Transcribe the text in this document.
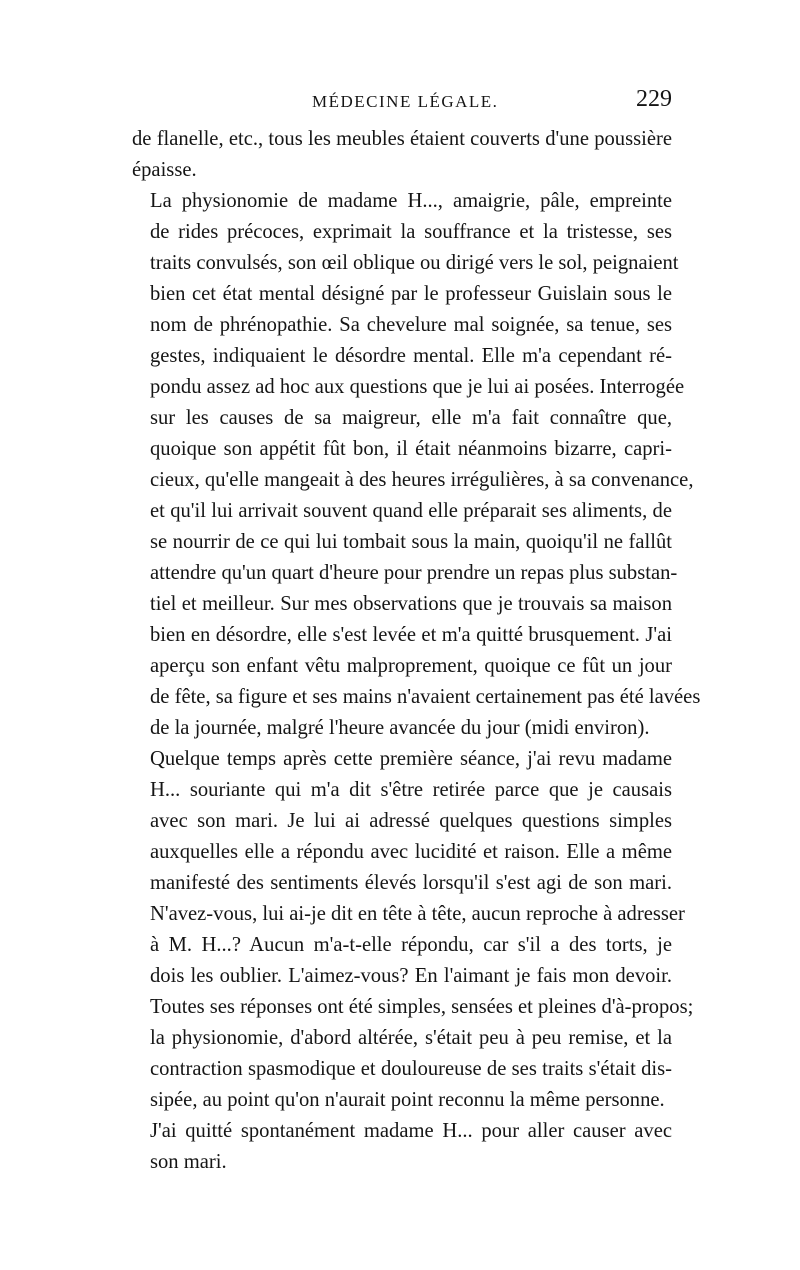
MÉDECINE LÉGALE.	229

de flanelle, etc., tous les meubles étaient couverts d'une poussière
épaisse.

La physionomie de madame H..., amaigrie, pâle, empreinte
de rides précoces, exprimait la souffrance et la tristesse, ses
traits convulsés, son œil oblique ou dirigé vers le sol, peignaient
bien cet état mental désigné par le professeur Guislain sous le
nom de phrénopathie. Sa chevelure mal soignée, sa tenue, ses
gestes, indiquaient le désordre mental. Elle m'a cependant ré-
pondu assez ad hoc aux questions que je lui ai posées. Interrogée
sur les causes de sa maigreur, elle m'a fait connaître que,
quoique son appétit fût bon, il était néanmoins bizarre, capri-
cieux, qu'elle mangeait à des heures irrégulières, à sa convenance,
et qu'il lui arrivait souvent quand elle préparait ses aliments, de
se nourrir de ce qui lui tombait sous la main, quoiqu'il ne fallût
attendre qu'un quart d'heure pour prendre un repas plus substan-
tiel et meilleur. Sur mes observations que je trouvais sa maison
bien en désordre, elle s'est levée et m'a quitté brusquement. J'ai
aperçu son enfant vêtu malproprement, quoique ce fût un jour
de fête, sa figure et ses mains n'avaient certainement pas été lavées
de la journée, malgré l'heure avancée du jour (midi environ).

Quelque temps après cette première séance, j'ai revu madame
H... souriante qui m'a dit s'être retirée parce que je causais
avec son mari. Je lui ai adressé quelques questions simples
auxquelles elle a répondu avec lucidité et raison. Elle a même
manifesté des sentiments élevés lorsqu'il s'est agi de son mari.
N'avez-vous, lui ai-je dit en tête à tête, aucun reproche à adresser
à M. H...? Aucun m'a-t-elle répondu, car s'il a des torts, je
dois les oublier. L'aimez-vous? En l'aimant je fais mon devoir.
Toutes ses réponses ont été simples, sensées et pleines d'à-propos;
la physionomie, d'abord altérée, s'était peu à peu remise, et la
contraction spasmodique et douloureuse de ses traits s'était dis-
sipée, au point qu'on n'aurait point reconnu la même personne.

J'ai quitté spontanément madame H... pour aller causer avec
son mari.
